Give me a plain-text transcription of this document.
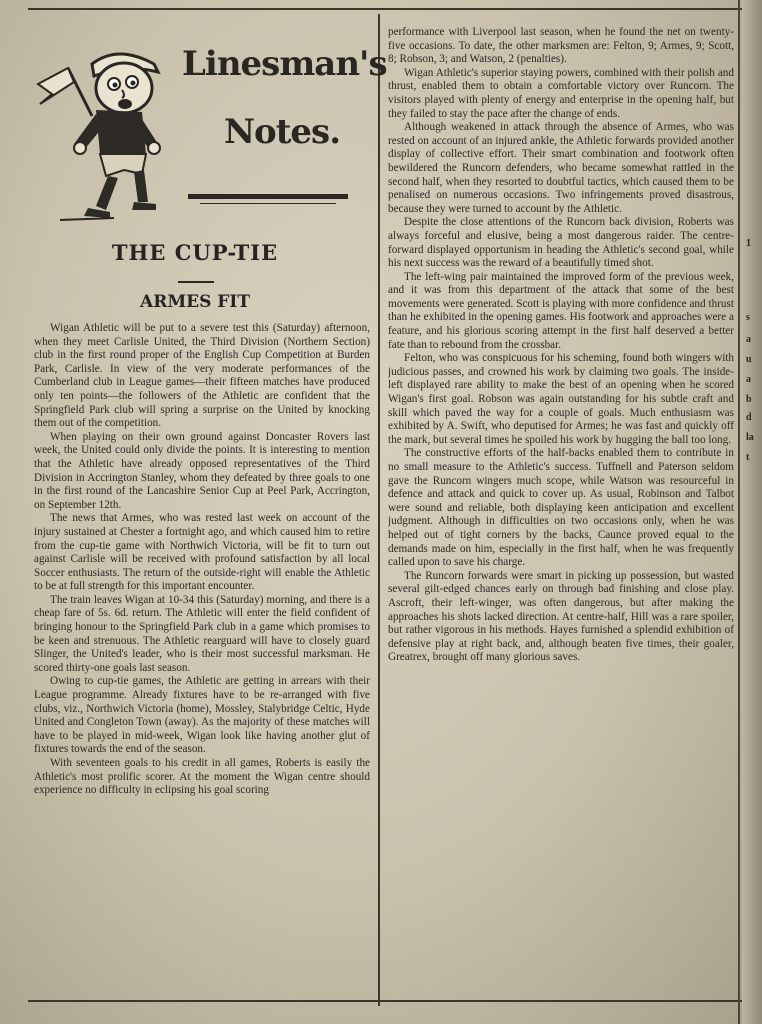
1
s
a
u
a
b
d
la
t
Linesman's
Notes.
THE CUP-TIE
ARMES FIT

Wigan Athletic will be put to a severe test this (Saturday) afternoon, when they meet Carlisle United, the Third Division (Northern Section) club in the first round proper of the English Cup Competition at Burden Park, Carlisle. In view of the very moderate performances of the Cumberland club in League games—their fifteen matches have produced only ten points—the followers of the Athletic are confident that the Springfield Park club will spring a surprise on the United by knocking them out of the competition.

When playing on their own ground against Doncaster Rovers last week, the United could only divide the points. It is interesting to mention that the Athletic have already opposed representatives of the Third Division in Accrington Stanley, whom they defeated by three goals to one in the first round of the Lancashire Senior Cup at Peel Park, Accrington, on September 12th.

The news that Armes, who was rested last week on account of the injury sustained at Chester a fortnight ago, and which caused him to retire from the cup-tie game with Northwich Victoria, will be fit to turn out against Carlisle will be received with profound satisfaction by all local Soccer enthusiasts. The return of the outside-right will enable the Athletic to be at full strength for this important encounter.

The train leaves Wigan at 10-34 this (Saturday) morning, and there is a cheap fare of 5s. 6d. return. The Athletic will enter the field confident of bringing honour to the Springfield Park club in a game which promises to be keen and strenuous. The Athletic rearguard will have to closely guard Slinger, the United's leader, who is their most successful marksman. He scored thirty-one goals last season.

Owing to cup-tie games, the Athletic are getting in arrears with their League programme. Already fixtures have to be re-arranged with five clubs, viz., Northwich Victoria (home), Mossley, Stalybridge Celtic, Hyde United and Congleton Town (away). As the majority of these matches will have to be played in mid-week, Wigan look like having another glut of fixtures towards the end of the season.

With seventeen goals to his credit in all games, Roberts is easily the Athletic's most prolific scorer. At the moment the Wigan centre should experience no difficulty in eclipsing his goal scoring

performance with Liverpool last season, when he found the net on twenty-five occasions. To date, the other marksmen are: Felton, 9; Armes, 9; Scott, 8; Robson, 3; and Watson, 2 (penalties).

Wigan Athletic's superior staying powers, combined with their polish and thrust, enabled them to obtain a comfortable victory over Runcorn. The visitors played with plenty of energy and enterprise in the opening half, but they failed to stay the pace after the change of ends.

Although weakened in attack through the absence of Armes, who was rested on account of an injured ankle, the Athletic forwards provided another display of collective effort. Their smart combination and footwork often bewildered the Runcorn defenders, who became somewhat rattled in the second half, when they resorted to doubtful tactics, which caused them to be penalised on numerous occasions. Two infringements proved disastrous, because they were turned to account by the Athletic.

Despite the close attentions of the Runcorn back division, Roberts was always forceful and elusive, being a most dangerous raider. The centre-forward displayed opportunism in heading the Athletic's second goal, while his next success was the reward of a beautifully timed shot.

The left-wing pair maintained the improved form of the previous week, and it was from this department of the attack that some of the best movements were generated. Scott is playing with more confidence and thrust than he exhibited in the opening games. His footwork and approaches were a feature, and his glorious scoring attempt in the first half deserved a better fate than to rebound from the crossbar.

Felton, who was conspicuous for his scheming, found both wingers with judicious passes, and crowned his work by claiming two goals. The inside-left displayed rare ability to make the best of an opening when he scored Wigan's first goal. Robson was again outstanding for his subtle craft and skill which paved the way for a couple of goals. Much enthusiasm was exhibited by A. Swift, who deputised for Armes; he was fast and quickly off the mark, but several times he spoiled his work by hugging the ball too long.

The constructive efforts of the half-backs enabled them to contribute in no small measure to the Athletic's success. Tuffnell and Paterson seldom gave the Runcorn wingers much scope, while Watson was resourceful in defence and attack and quick to cover up. As usual, Robinson and Talbot were sound and reliable, both displaying keen anticipation and excellent judgment. Although in difficulties on two occasions only, when he was helped out of tight corners by the backs, Caunce proved equal to the demands made on him, especially in the first half, when he was frequently called upon to save his charge.

The Runcorn forwards were smart in picking up possession, but wasted several gilt-edged chances early on through bad finishing and close play. Ascroft, their left-winger, was often dangerous, but after making the approaches his shots lacked direction. At centre-half, Hill was a rare spoiler, but rather vigorous in his methods. Hayes furnished a splendid exhibition of defensive play at right back, and, although beaten five times, their goaler, Greatrex, brought off many glorious saves.
